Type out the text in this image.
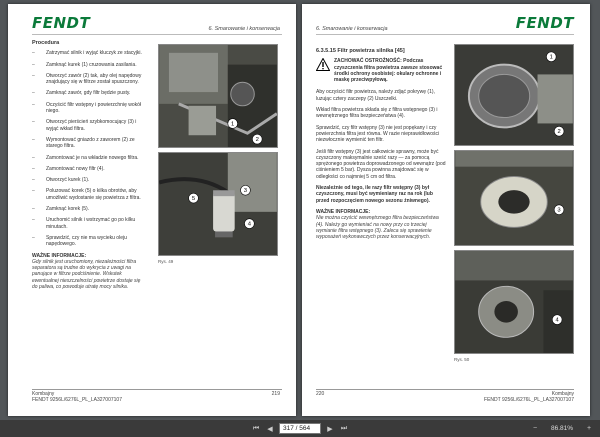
FENDT	6. Smarowanie i konserwacja
Procedura
–	Zatrzymać silnik i wyjąć kluczyk ze stacyjki.
–	Zamknąć kurek (1) cruzowania zasilania.
–	Otworzyć zawór (2) tak, aby olej napędowy znajdujący się w filtrze został spuszczony.
–	Zamknąć zawór, gdy filtr będzie pusty.
–	Oczyścić filtr wstępny i powierzchnię wokół niego.
–	Otworzyć pierścień szybkomocujący (3) i wyjąć wkład filtra.
–	Wymontować gniazdo z zaworem (2) ze starego filtra.
–	Zamontować je na wkładzie nowego filtra.
–	Zamontować nowy filtr (4).
–	Otworzyć kurek (1).
–	Poluzować korek (5) o kilka obrotów, aby umożliwić wydostanie się powietrza z filtra.
–	Zamknąć korek (5).
–	Uruchomić silnik i wstrzymać go po kilku minutach.
–	Sprawdzić, czy nie ma wycieku oleju napędowego.
WAŻNE INFORMACJE:
Gdy silnik jest uruchomiony, niezależności filtra separatora są trudne do wykrycia z uwagi na panujące w filtrze podciśnienie. Wskutek ewentualnej nieszczelności powietrze dostaje się do paliwa, co powoduje utratę mocy silnika.
1
2
5
3
4
Rys. 49
Kombajny
FENDT 9256L/6276L_PL_LA327007107
219
6. Smarowanie i konserwacja	FENDT
6.3.5.15 Filtr powietrza silnika [45]
ZACHOWAĆ OSTROŻNOŚĆ: Podczas czyszczenia filtra powietrza zawsze stosować środki ochrony osobistej: okulary ochronne i maskę przeciwpyłową.
Aby oczyścić filtr powietrza, należy zdjąć pokrywę (1), luzując cztery zaczepy (2) Uszczelki.
Wkład filtra powietrza składa się z filtra wstępnego (3) i wewnętrznego filtra bezpieczeństwa (4).
Sprawdzić, czy filtr wstępny (3) nie jest popękany i czy powierzchnia filtra jest równa. W razie nieprawidłowości niezwłocznie wymienić ten filtr.
Jeśli filtr wstępny (3) jest całkowicie sprawny, może być czyszczony maksymalnie sześć razy — za pomocą sprężonego powietrza doprowadzonego od wewnątrz (pod ciśnieniem 5 bar). Dysza powinna znajdować się w odległości co najmniej 5 cm od filtra.
Niezależnie od tego, ile razy filtr wstępny (3) był czyszczony, musi być wymieniany raz na rok (lub przed rozpoczęciem nowego sezonu żniwnego).
WAŻNE INFORMACJE:
Nie można czyścić wewnętrznego filtra bezpieczeństwa (4). Należy go wymieniać na nowy przy co trzeciej wymianie filtra wstępnego (3). Zaleca się sprawienie wyposażeń wykonawczych przez konserwacyjnych.
1
2
3
4
Rys. 50
220	Kombajny
FENDT 9256L/6276L_PL_LA327007107
⏮	◀	317
/ 564	▶	⏭	−	86.81%	+
